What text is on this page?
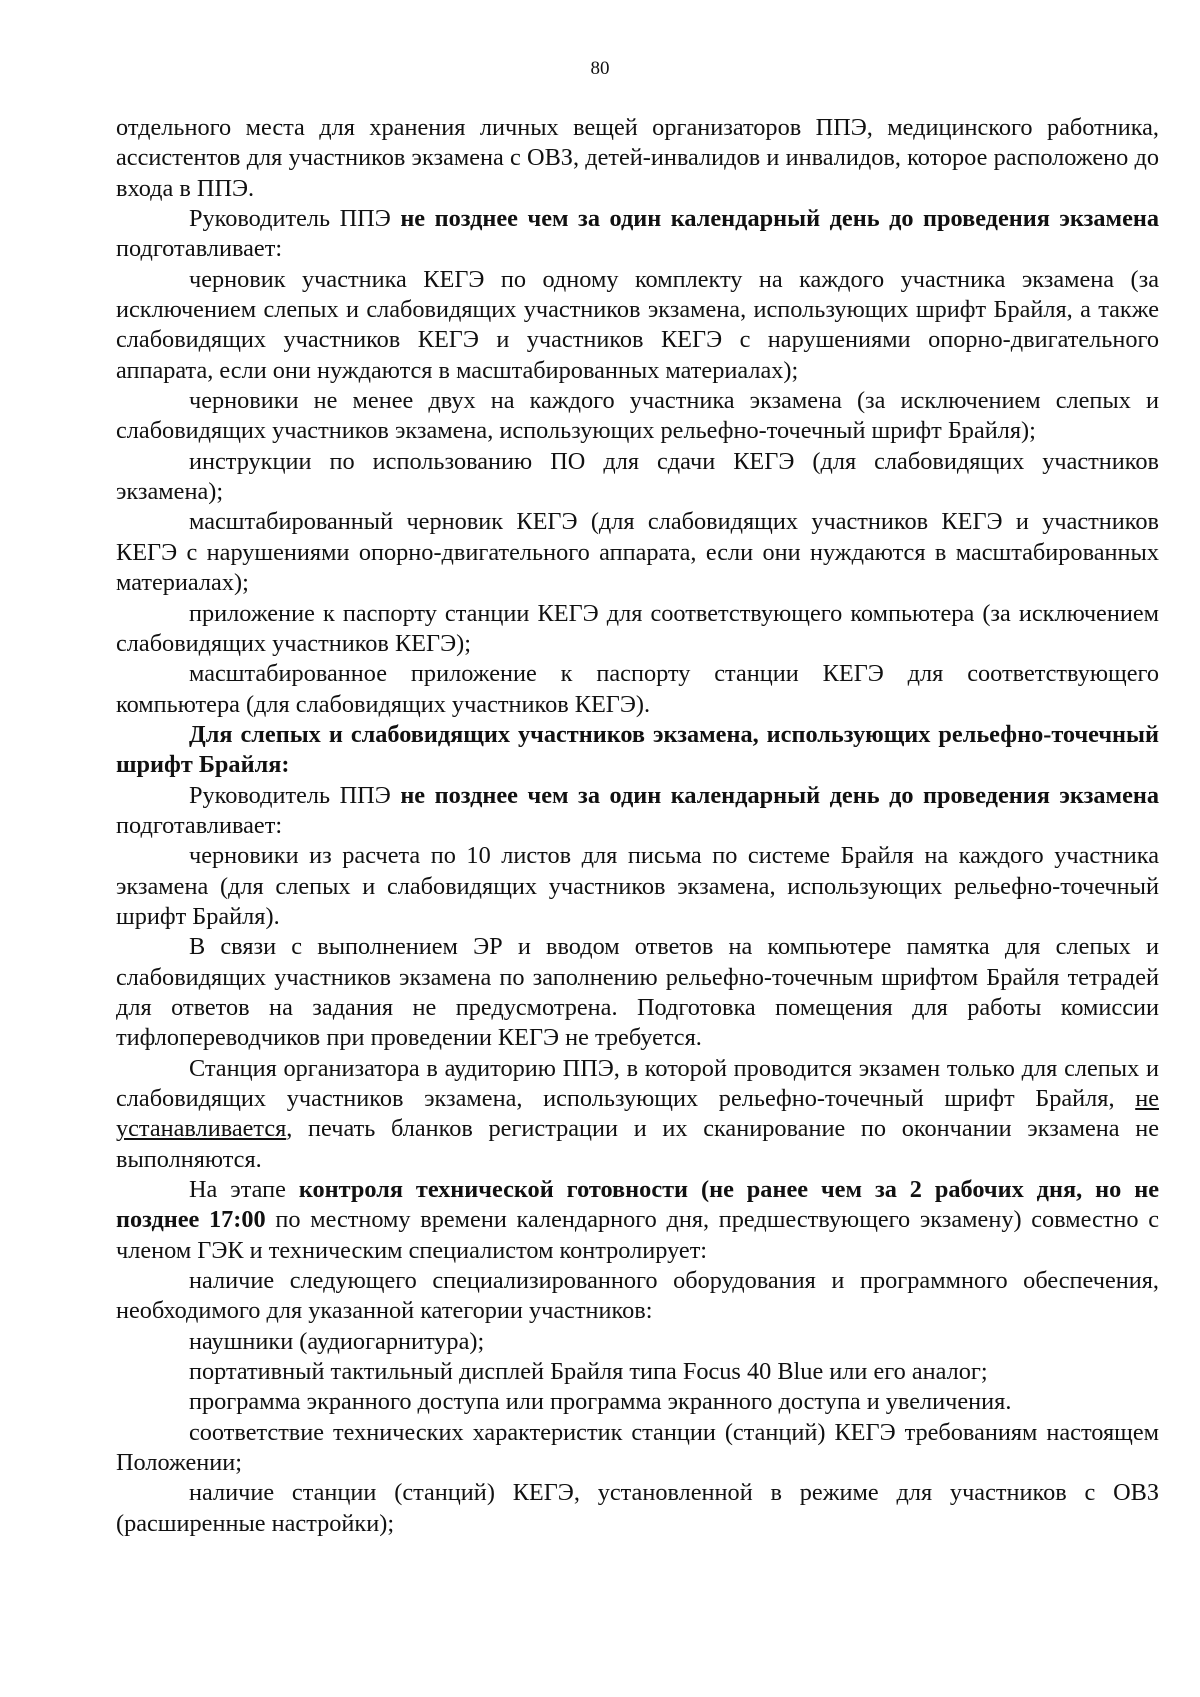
80

отдельного места для хранения личных вещей организаторов ППЭ, медицинского работника, ассистентов для участников экзамена с ОВЗ, детей-инвалидов и инвалидов, которое расположено до входа в ППЭ.

Руководитель ППЭ не позднее чем за один календарный день до проведения экзамена подготавливает:

черновик участника КЕГЭ по одному комплекту на каждого участника экзамена (за исключением слепых и слабовидящих участников экзамена, использующих шрифт Брайля, а также слабовидящих участников КЕГЭ и участников КЕГЭ с нарушениями опорно-двигательного аппарата, если они нуждаются в масштабированных материалах);

черновики не менее двух на каждого участника экзамена (за исключением слепых и слабовидящих участников экзамена, использующих рельефно-точечный шрифт Брайля);

инструкции по использованию ПО для сдачи КЕГЭ (для слабовидящих участников экзамена);

масштабированный черновик КЕГЭ (для слабовидящих участников КЕГЭ и участников КЕГЭ с нарушениями опорно-двигательного аппарата, если они нуждаются в масштабированных материалах);

приложение к паспорту станции КЕГЭ для соответствующего компьютера (за исключением слабовидящих участников КЕГЭ);

масштабированное приложение к паспорту станции КЕГЭ для соответствующего компьютера (для слабовидящих участников КЕГЭ).

Для слепых и слабовидящих участников экзамена, использующих рельефно-точечный шрифт Брайля:

Руководитель ППЭ не позднее чем за один календарный день до проведения экзамена подготавливает:

черновики из расчета по 10 листов для письма по системе Брайля на каждого участника экзамена (для слепых и слабовидящих участников экзамена, использующих рельефно-точечный шрифт Брайля).

В связи с выполнением ЭР и вводом ответов на компьютере памятка для слепых и слабовидящих участников экзамена по заполнению рельефно-точечным шрифтом Брайля тетрадей для ответов на задания не предусмотрена. Подготовка помещения для работы комиссии тифлопереводчиков при проведении КЕГЭ не требуется.

Станция организатора в аудиторию ППЭ, в которой проводится экзамен только для слепых и слабовидящих участников экзамена, использующих рельефно-точечный шрифт Брайля, не устанавливается, печать бланков регистрации и их сканирование по окончании экзамена не выполняются.

На этапе контроля технической готовности (не ранее чем за 2 рабочих дня, но не позднее 17:00 по местному времени календарного дня, предшествующего экзамену) совместно с членом ГЭК и техническим специалистом контролирует:

наличие следующего специализированного оборудования и программного обеспечения, необходимого для указанной категории участников:

наушники (аудиогарнитура);

портативный тактильный дисплей Брайля типа Focus 40 Blue или его аналог;

программа экранного доступа или программа экранного доступа и увеличения.

соответствие технических характеристик станции (станций) КЕГЭ требованиям настоящем Положении;

наличие станции (станций) КЕГЭ, установленной в режиме для участников с ОВЗ (расширенные настройки);
